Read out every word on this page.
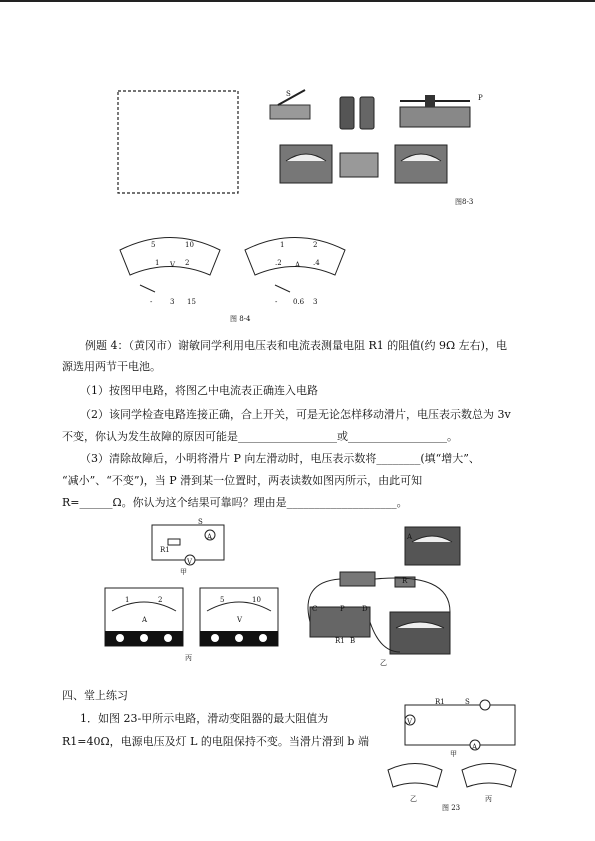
S	P
图8-3
5	10
1 V 2
-	3 15
1	2
.2 A .4
- 0.6 3
图 8-4
例题 4：（黄冈市）谢敏同学利用电压表和电流表测量电阻 R1 的阻值(约 9Ω 左右)，电
源选用两节干电池。
（1）按图甲电路，将图乙中电流表正确连入电路
（2）该同学检查电路连接正确，合上开关，可是无论怎样移动滑片，电压表示数总为 3v
不变，你认为发生故障的原因可能是__________________或__________________。
（3）清除故障后，小明将滑片 P 向左滑动时，电压表示数将________(填“增大”、
“减小”、“不变”)，当 P 滑到某一位置时，两表读数如图丙所示，由此可知
R=______Ω。你认为这个结果可靠吗？理由是____________________。
S
A
R1
V
甲
1	2
A
5	10
V
丙
A
C	P D
R
B
R1
乙
四、堂上练习
1．如图 23-甲所示电路，滑动变阻器的最大阻值为
R1=40Ω，电源电压及灯 L 的电阻保持不变。当滑片滑到 b 端
R1	S
V
A
甲
乙	丙
图 23
